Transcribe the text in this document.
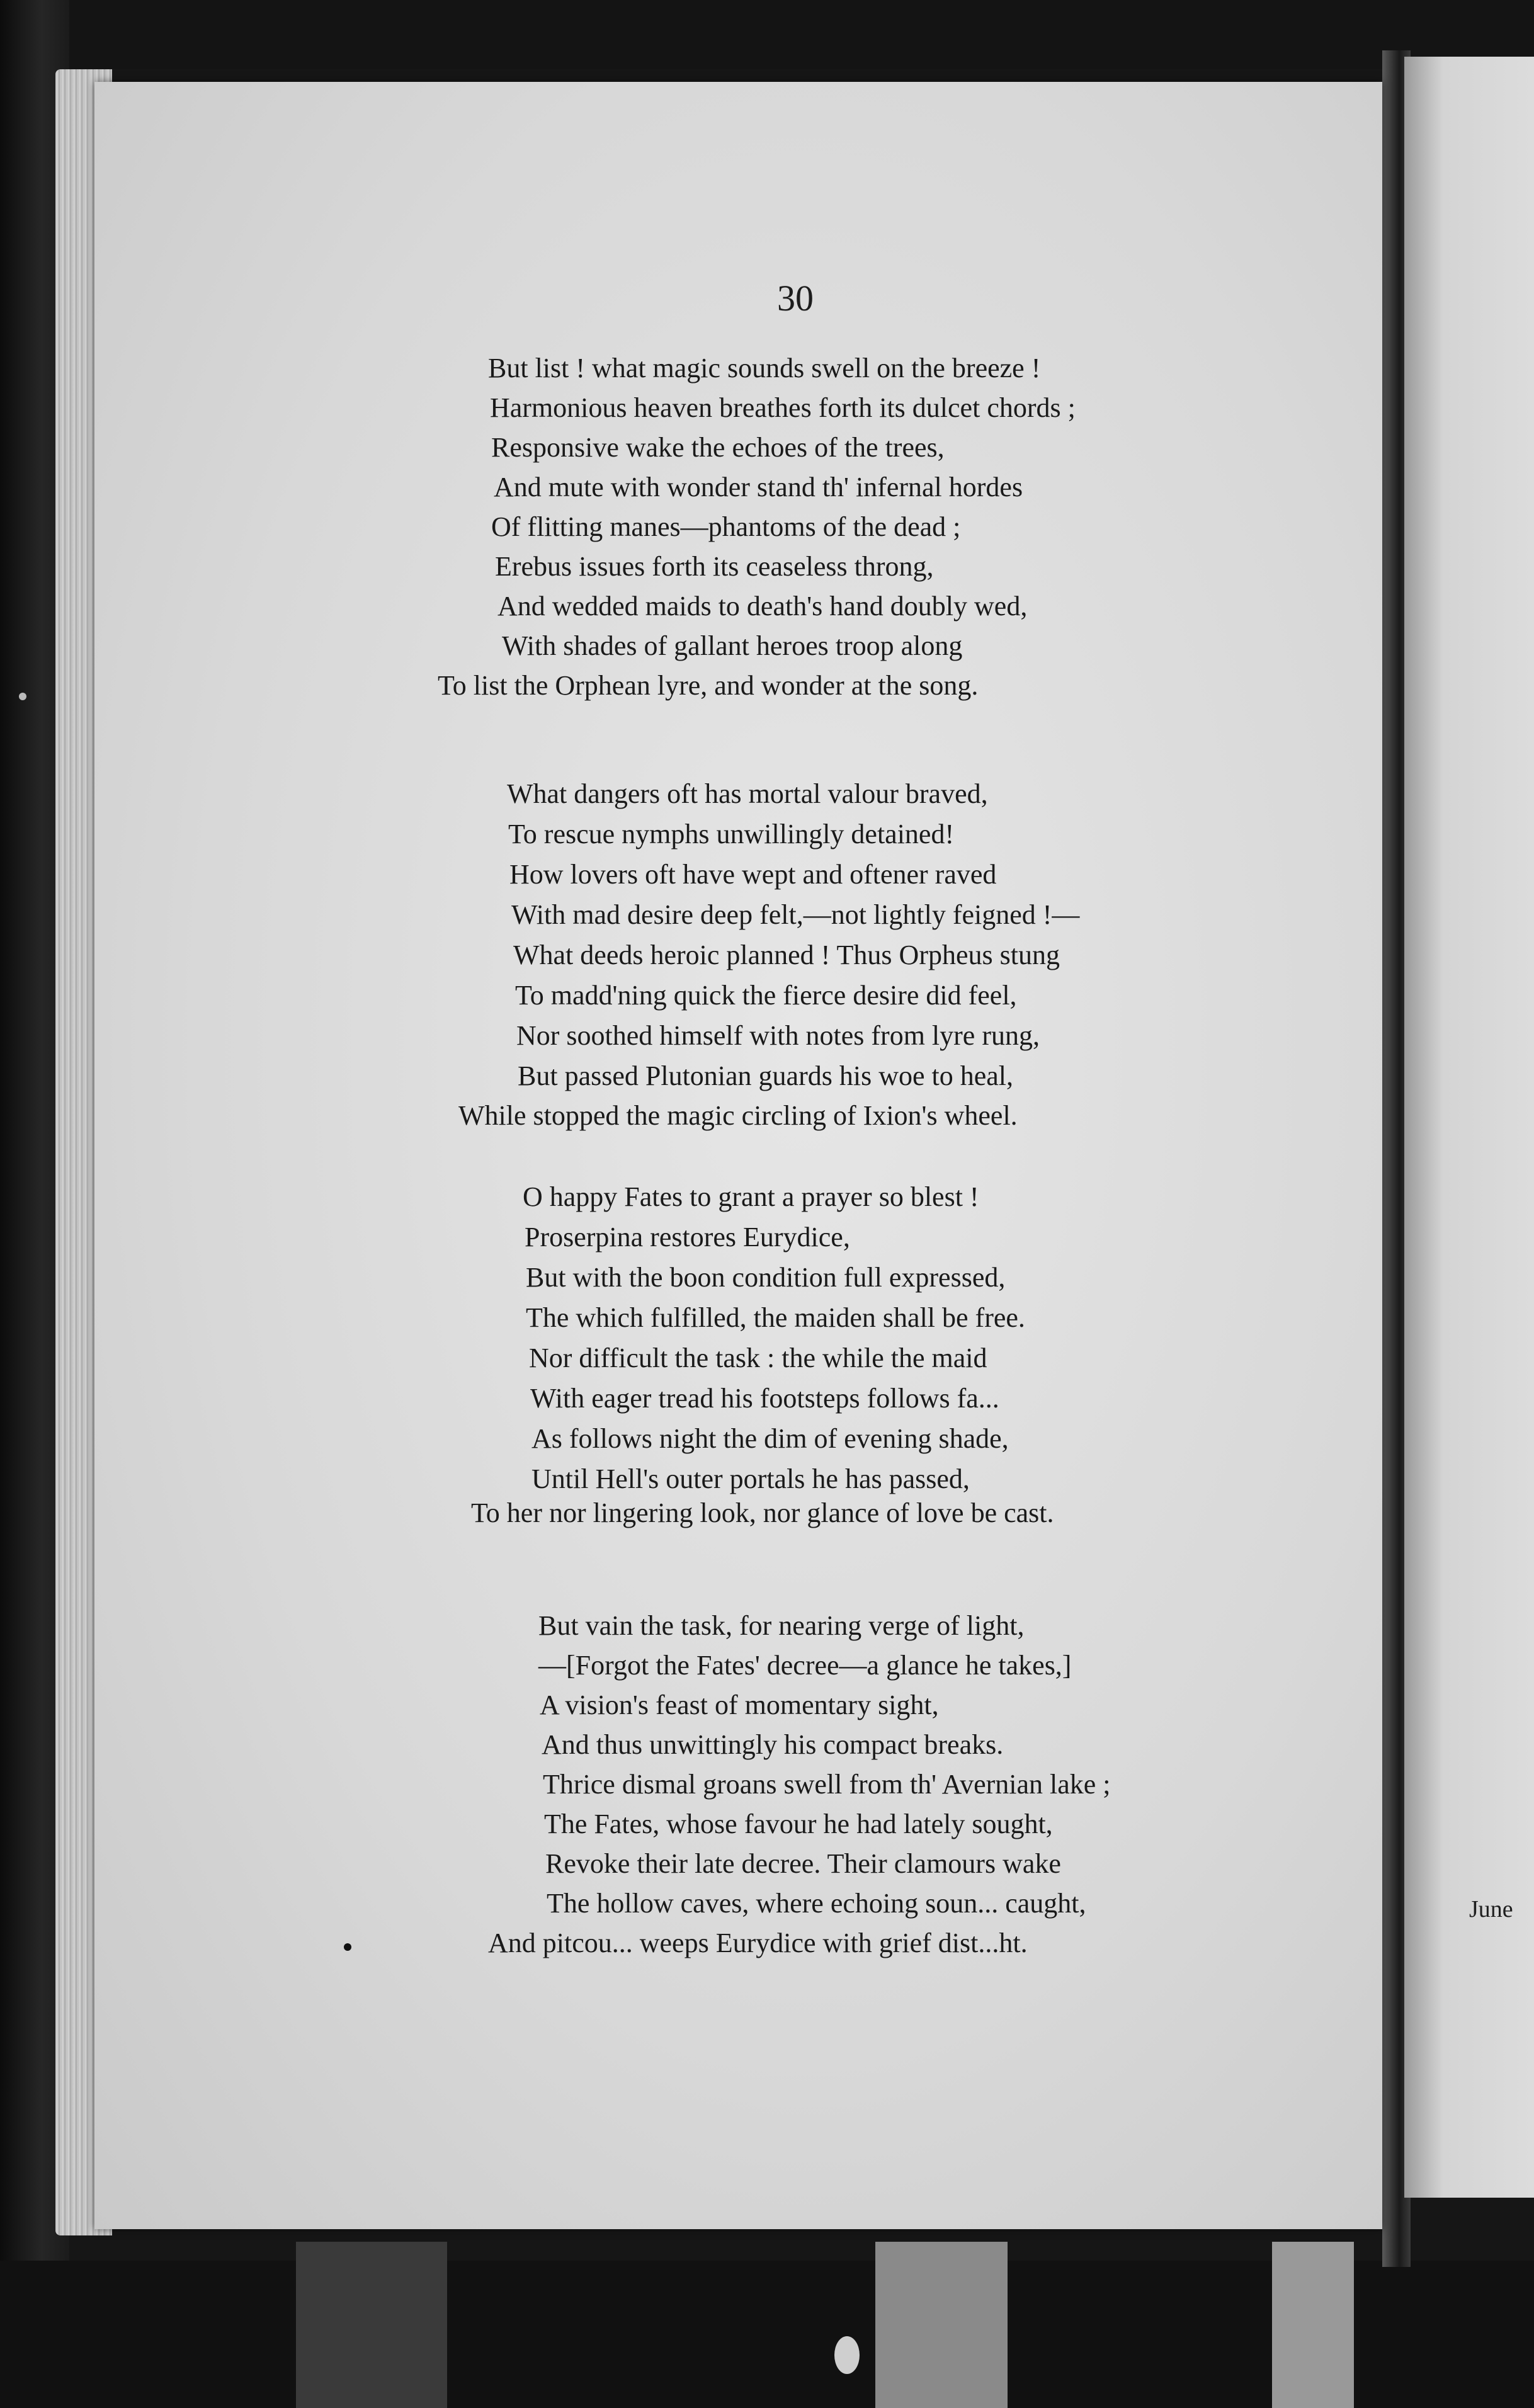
June
30
But list ! what magic sounds swell on the breeze !
Harmonious heaven breathes forth its dulcet chords ;
Responsive wake the echoes of the trees,
And mute with wonder stand th' infernal hordes
Of flitting manes—phantoms of the dead ;
Erebus issues forth its ceaseless throng,
And wedded maids to death's hand doubly wed,
With shades of gallant heroes troop along
To list the Orphean lyre, and wonder at the song.
What dangers oft has mortal valour braved,
To rescue nymphs unwillingly detained!
How lovers oft have wept and oftener raved
With mad desire deep felt,—not lightly feigned !—
What deeds heroic planned ! Thus Orpheus stung
To madd'ning quick the fierce desire did feel,
Nor soothed himself with notes from lyre rung,
But passed Plutonian guards his woe to heal,
While stopped the magic circling of Ixion's wheel.
O happy Fates to grant a prayer so blest !
Proserpina restores Eurydice,
But with the boon condition full expressed,
The which fulfilled, the maiden shall be free.
Nor difficult the task : the while the maid
With eager tread his footsteps follows fa...
As follows night the dim of evening shade,
Until Hell's outer portals he has passed,
To her nor lingering look, nor glance of love be cast.
But vain the task, for nearing verge of light,
—[Forgot the Fates' decree—a glance he takes,]
A vision's feast of momentary sight,
And thus unwittingly his compact breaks.
Thrice dismal groans swell from th' Avernian lake ;
The Fates, whose favour he had lately sought,
Revoke their late decree. Their clamours wake
The hollow caves, where echoing soun... caught,
And pitcou... weeps Eurydice with grief dist...ht.
